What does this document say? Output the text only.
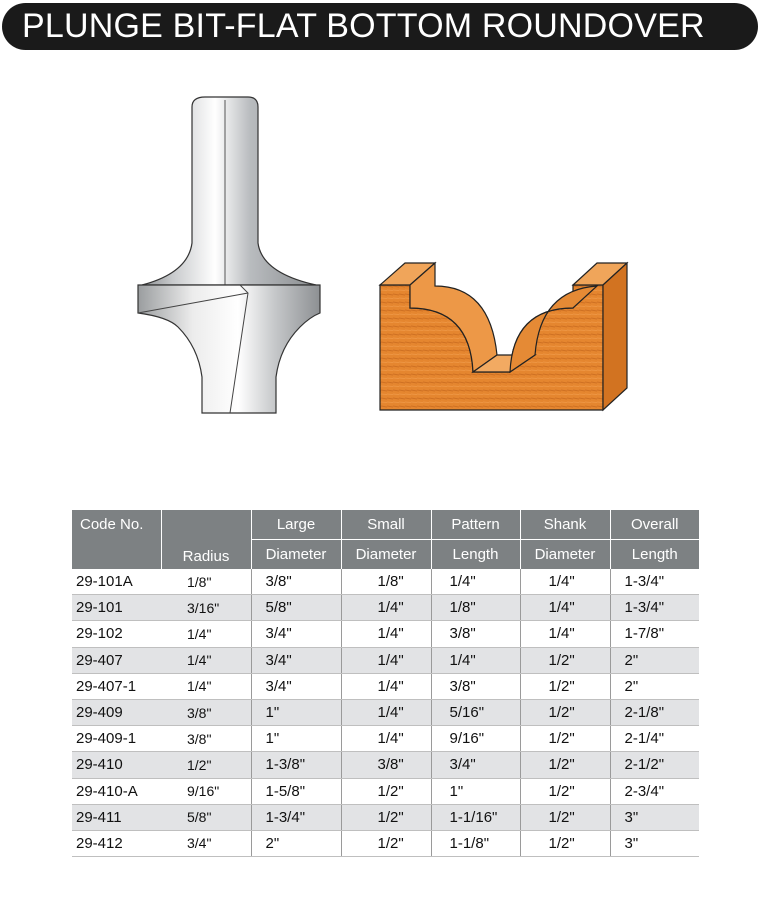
PLUNGE BIT-FLAT BOTTOM ROUNDOVER
Code No.	Radius	Large	Small	Pattern	Shank	Overall
		Diameter	Diameter	Length	Diameter	Length
29-101A	1/8"	3/8"	1/8"	1/4"	1/4"	1-3/4"
29-101	3/16"	5/8"	1/4"	1/8"	1/4"	1-3/4"
29-102	1/4"	3/4"	1/4"	3/8"	1/4"	1-7/8"
29-407	1/4"	3/4"	1/4"	1/4"	1/2"	2"
29-407-1	1/4"	3/4"	1/4"	3/8"	1/2"	2"
29-409	3/8"	1"	1/4"	5/16"	1/2"	2-1/8"
29-409-1	3/8"	1"	1/4"	9/16"	1/2"	2-1/4"
29-410	1/2"	1-3/8"	3/8"	3/4"	1/2"	2-1/2"
29-410-A	9/16"	1-5/8"	1/2"	1"	1/2"	2-3/4"
29-411	5/8"	1-3/4"	1/2"	1-1/16"	1/2"	3"
29-412	3/4"	2"	1/2"	1-1/8"	1/2"	3"
